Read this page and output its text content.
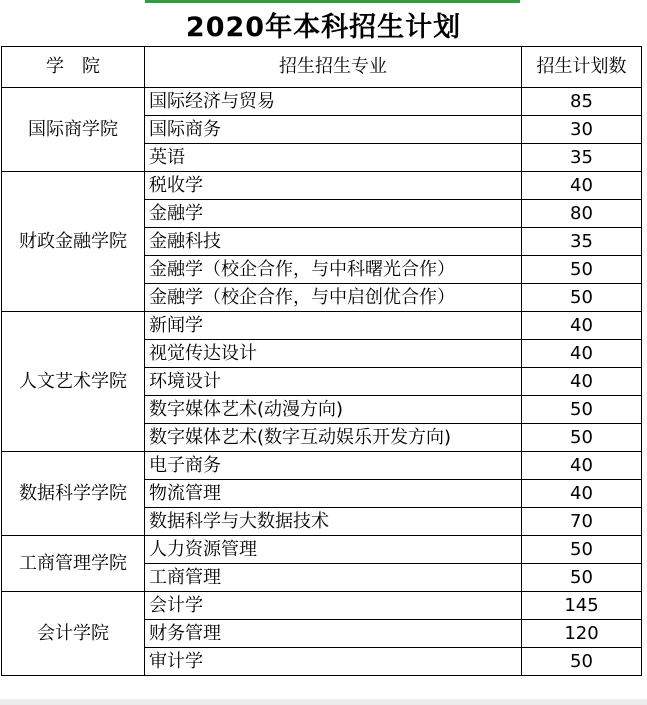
2020年本科招生计划
学　院	招生招生专业	招生计划数
国际商学院	国际经济与贸易	85
	国际商务	30
	英语	35
财政金融学院	税收学	40
	金融学	80
	金融科技	35
	金融学（校企合作，与中科曙光合作）	50
	金融学（校企合作，与中启创优合作）	50
人文艺术学院	新闻学	40
	视觉传达设计	40
	环境设计	40
	数字媒体艺术(动漫方向)	50
	数字媒体艺术(数字互动娱乐开发方向)	50
数据科学学院	电子商务	40
	物流管理	40
	数据科学与大数据技术	70
工商管理学院	人力资源管理	50
	工商管理	50
会计学院	会计学	145
	财务管理	120
	审计学	50
